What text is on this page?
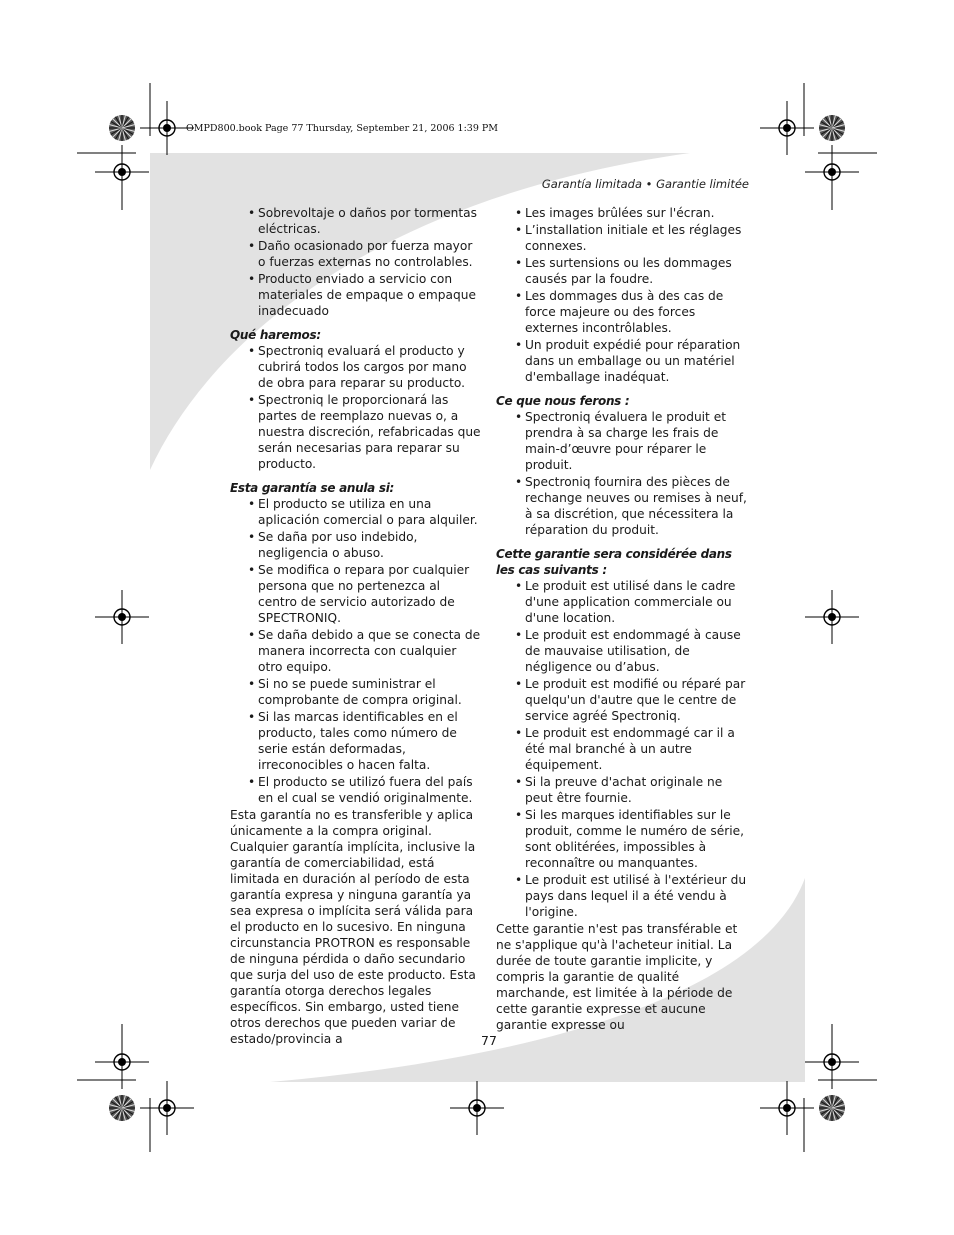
OMPD800.book Page 77 Thursday, September 21, 2006 1:39 PM
Garantía limitada • Garantie limitée
• Sobrevoltaje o daños por tormentas eléctricas.
• Daño ocasionado por fuerza mayor o fuerzas externas no controlables.
• Producto enviado a servicio con materiales de empaque o empaque inadecuado
Qué haremos:
• Spectroniq evaluará el producto y cubrirá todos los cargos por mano de obra para reparar su producto.
• Spectroniq le proporcionará las partes de reemplazo nuevas o, a nuestra discreción, refabricadas que serán necesarias para reparar su producto.
Esta garantía se anula si:
• El producto se utiliza en una aplicación comercial o para alquiler.
• Se daña por uso indebido, negligencia o abuso.
• Se modifica o repara por cualquier persona que no pertenezca al centro de servicio autorizado de SPECTRONIQ.
• Se daña debido a que se conecta de manera incorrecta con cualquier otro equipo.
• Si no se puede suministrar el comprobante de compra original.
• Si las marcas identificables en el producto, tales como número de serie están deformadas, irreconocibles o hacen falta.
• El producto se utilizó fuera del país en el cual se vendió originalmente.

Esta garantía no es transferible y aplica únicamente a la compra original. Cualquier garantía implícita, inclusive la garantía de comerciabilidad, está limitada en duración al período de esta garantía expresa y ninguna garantía ya sea expresa o implícita será válida para el producto en lo sucesivo. En ninguna circunstancia PROTRON es responsable de ninguna pérdida o daño secundario que surja del uso de este producto. Esta garantía otorga derechos legales específicos. Sin embargo, usted tiene otros derechos que pueden variar de estado/provincia a

• Les images brûlées sur l'écran.
• L’installation initiale et les réglages connexes.
• Les surtensions ou les dommages causés par la foudre.
• Les dommages dus à des cas de force majeure ou des forces externes incontrôlables.
• Un produit expédié pour réparation dans un emballage ou un matériel d'emballage inadéquat.
Ce que nous ferons :
• Spectroniq évaluera le produit et prendra à sa charge les frais de main-d’œuvre pour réparer le produit.
• Spectroniq fournira des pièces de rechange neuves ou remises à neuf, à sa discrétion, que nécessitera la réparation du produit.
Cette garantie sera considérée dans les cas suivants :
• Le produit est utilisé dans le cadre d'une application commerciale ou d'une location.
• Le produit est endommagé à cause de mauvaise utilisation, de négligence ou d’abus.
• Le produit est modifié ou réparé par quelqu'un d'autre que le centre de service agréé Spectroniq.
• Le produit est endommagé car il a été mal branché à un autre équipement.
• Si la preuve d'achat originale ne peut être fournie.
• Si les marques identifiables sur le produit, comme le numéro de série, sont oblitérées, impossibles à reconnaître ou manquantes.
• Le produit est utilisé à l'extérieur du pays dans lequel il a été vendu à l'origine.

Cette garantie n'est pas transférable et ne s'applique qu'à l'acheteur initial. La durée de toute garantie implicite, y compris la garantie de qualité marchande, est limitée à la période de cette garantie expresse et aucune garantie expresse ou

77
